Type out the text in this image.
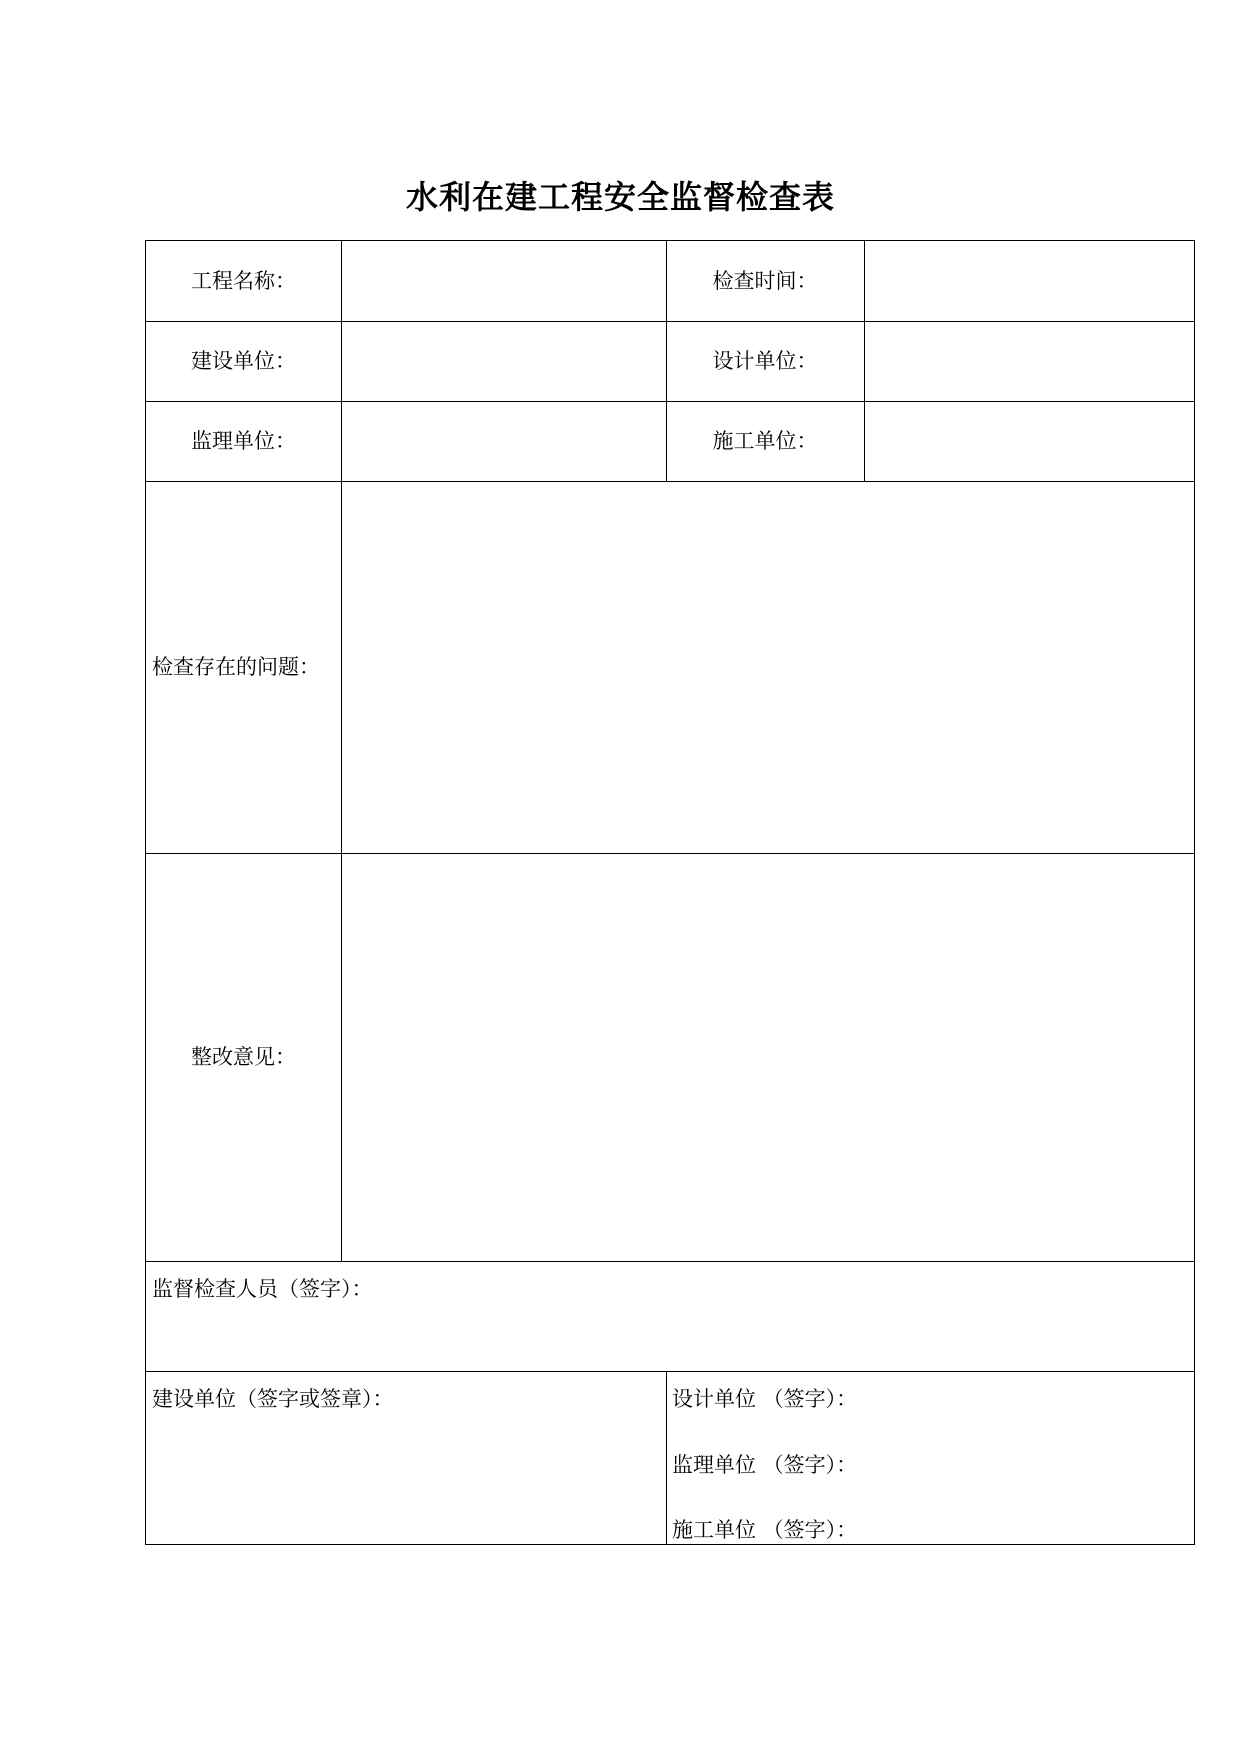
水利在建工程安全监督检查表
工程名称：	检查时间：
建设单位：	设计单位：
监理单位：	施工单位：
检查存在的问题：
整改意见：
监督检查人员（签字）：
建设单位（签字或签章）：	设计单位 （签字）：
监理单位 （签字）：
施工单位 （签字）：
